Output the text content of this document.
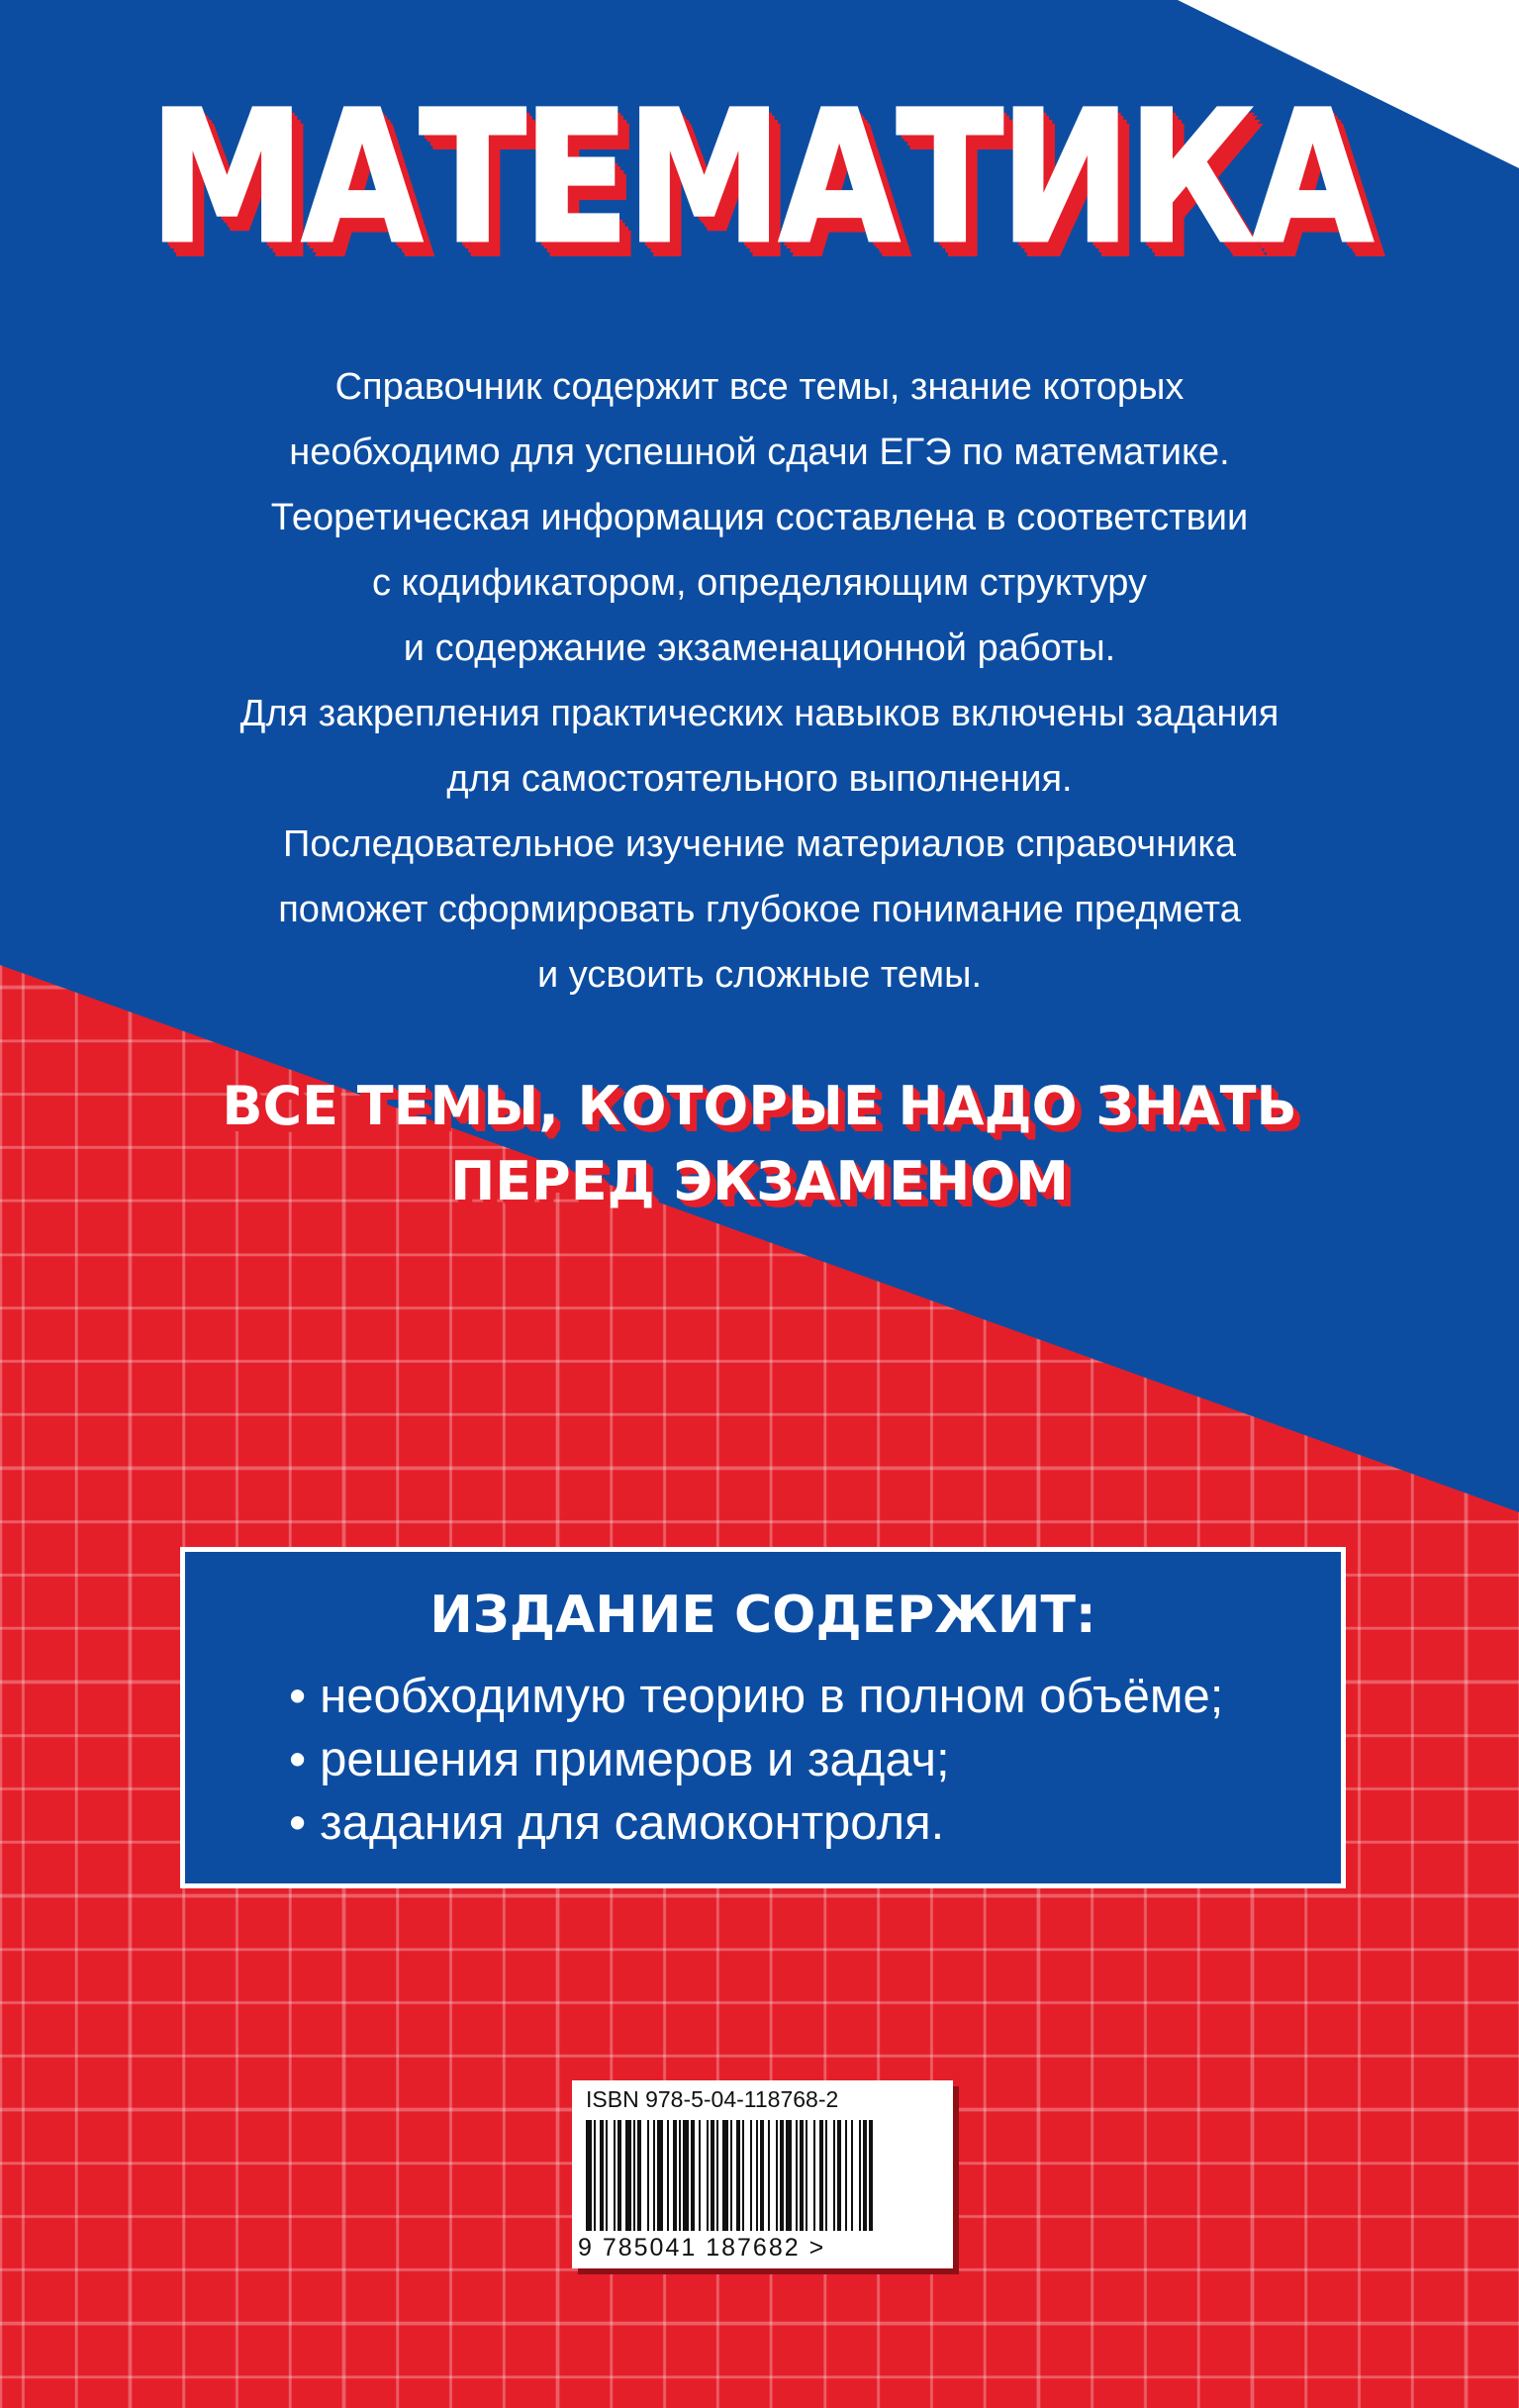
МАТЕМАТИКА

Справочник содержит все темы, знание которых

необходимо для успешной сдачи ЕГЭ по математике.

Теоретическая информация составлена в соответствии

с кодификатором, определяющим структуру

и содержание экзаменационной работы.

Для закрепления практических навыков включены задания

для самостоятельного выполнения.

Последовательное изучение материалов справочника

поможет сформировать глубокое понимание предмета

и усвоить сложные темы.

ВСЕ ТЕМЫ, КОТОРЫЕ НАДО ЗНАТЬ

ПЕРЕД ЭКЗАМЕНОМ

ИЗДАНИЕ СОДЕРЖИТ:

• необходимую теорию в полном объёме;
• решения примеров и задач;
• задания для самоконтроля.
ISBN 978-5-04-118768-2
9 785041 187682 >
